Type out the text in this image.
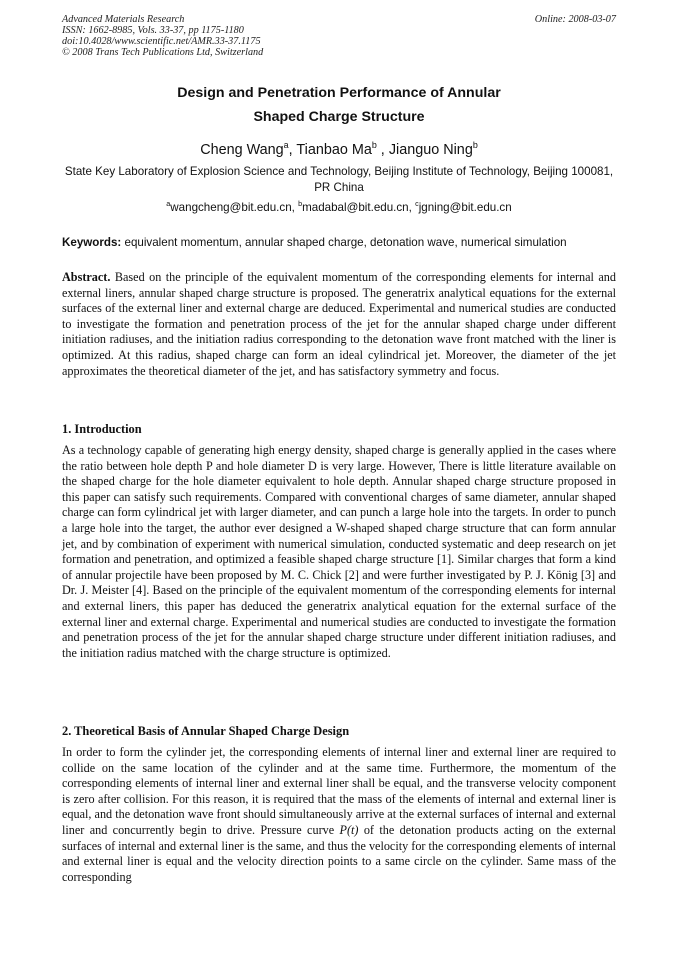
Advanced Materials Research
ISSN: 1662-8985, Vols. 33-37, pp 1175-1180
doi:10.4028/www.scientific.net/AMR.33-37.1175
© 2008 Trans Tech Publications Ltd, Switzerland
Online: 2008-03-07
Design and Penetration Performance of Annular
Shaped Charge Structure
Cheng Wang$^a$, Tianbao Ma$^b$ , Jianguo Ning$^b$
State Key Laboratory of Explosion Science and Technology, Beijing Institute of Technology, Beijing 100081, PR China
$^a$wangcheng@bit.edu.cn, $^b$madabal@bit.edu.cn, $^c$jgning@bit.edu.cn
Keywords: equivalent momentum, annular shaped charge, detonation wave, numerical simulation
Abstract. Based on the principle of the equivalent momentum of the corresponding elements for internal and external liners, annular shaped charge structure is proposed. The generatrix analytical equations for the external surfaces of the external liner and external charge are deduced. Experimental and numerical studies are conducted to investigate the formation and penetration process of the jet for the annular shaped charge under different initiation radiuses, and the initiation radius corresponding to the detonation wave front matched with the liner is optimized. At this radius, shaped charge can form an ideal cylindrical jet. Moreover, the diameter of the jet approximates the theoretical diameter of the jet, and has satisfactory symmetry and focus.
1. Introduction
As a technology capable of generating high energy density, shaped charge is generally applied in the cases where the ratio between hole depth P and hole diameter D is very large. However, There is little literature available on the shaped charge for the hole diameter equivalent to hole depth. Annular shaped charge structure proposed in this paper can satisfy such requirements. Compared with conventional charges of same diameter, annular shaped charge can form cylindrical jet with larger diameter, and can punch a large hole into the targets. In order to punch a large hole into the target, the author ever designed a W-shaped shaped charge structure that can form annular jet, and by combination of experiment with numerical simulation, conducted systematic and deep research on jet formation and penetration, and optimized a feasible shaped charge structure [1]. Similar charges that form a kind of annular projectile have been proposed by M. C. Chick [2] and were further investigated by P. J. König [3] and Dr. J. Meister [4]. Based on the principle of the equivalent momentum of the corresponding elements for internal and external liners, this paper has deduced the generatrix analytical equation for the external surface of the external liner and external charge. Experimental and numerical studies are conducted to investigate the formation and penetration process of the jet for the annular shaped charge structure under different initiation radiuses, and the initiation radius matched with the charge structure is optimized.
2. Theoretical Basis of Annular Shaped Charge Design
In order to form the cylinder jet, the corresponding elements of internal liner and external liner are required to collide on the same location of the cylinder and at the same time. Furthermore, the momentum of the corresponding elements of internal liner and external liner shall be equal, and the transverse velocity component is zero after collision. For this reason, it is required that the mass of the elements of internal and external liner is equal, and the detonation wave front should simultaneously arrive at the external surfaces of internal and external liner and concurrently begin to drive. Pressure curve P(t) of the detonation products acting on the external surfaces of internal and external liner is the same, and thus the velocity for the corresponding elements of internal and external liner is equal and the velocity direction points to a same circle on the cylinder. Same mass of the corresponding
